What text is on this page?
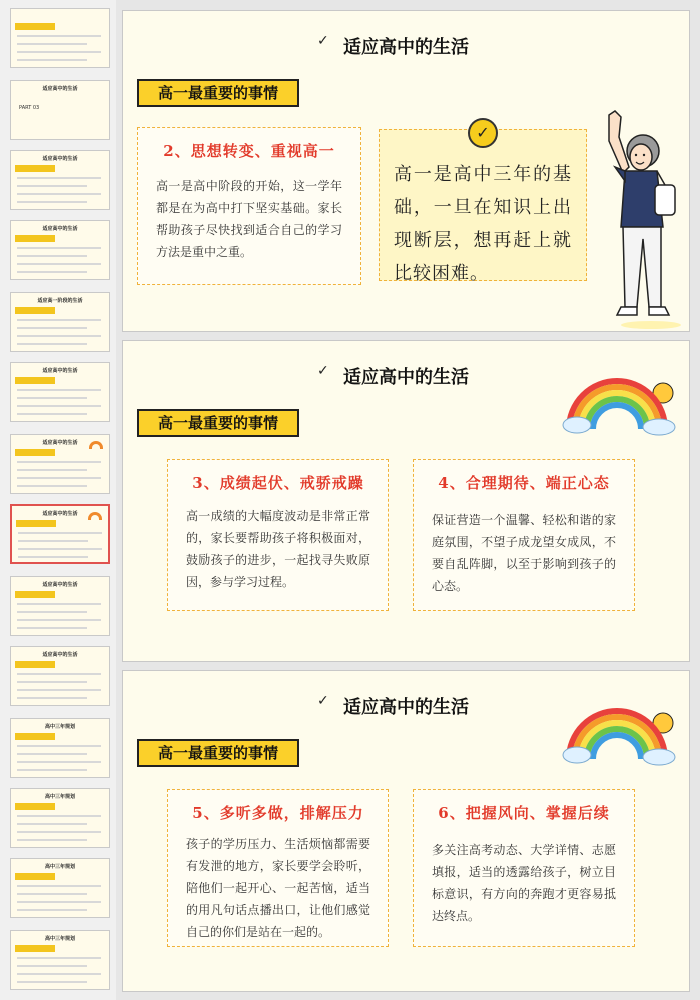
适应高中的生活
PART 03
适应高中的生活
适应高中的生活
适应高一阶段的生活
适应高中的生活
适应高中的生活
适应高中的生活
适应高中的生活
适应高中的生活
高中三年规划
高中三年规划
高中三年规划
高中三年规划
适应高中的生活
✓
高一最重要的事情
2、思想转变、重视高一
高一是高中阶段的开始，这一学年都是在为高中打下坚实基础。家长帮助孩子尽快找到适合自己的学习方法是重中之重。
✓
高一是高中三年的基础，一旦在知识上出现断层，想再赶上就比较困难。
适应高中的生活
✓
高一最重要的事情
3、成绩起伏、戒骄戒躁
高一成绩的大幅度波动是非常正常的，家长要帮助孩子将积极面对，鼓励孩子的进步，一起找寻失败原因，参与学习过程。
4、合理期待、端正心态
保证营造一个温馨、轻松和谐的家庭氛围，不望子成龙望女成凤，不要自乱阵脚，以至于影响到孩子的心态。
适应高中的生活
✓
高一最重要的事情
5、多听多做，排解压力
孩子的学历压力、生活烦恼都需要有发泄的地方，家长要学会聆听，陪他们一起开心、一起苦恼，适当的用凡句话点播出口，让他们感觉自己的你们是站在一起的。
6、把握风向、掌握后续
多关注高考动态、大学详情、志愿填报，适当的透露给孩子，树立目标意识，有方向的奔跑才更容易抵达终点。
